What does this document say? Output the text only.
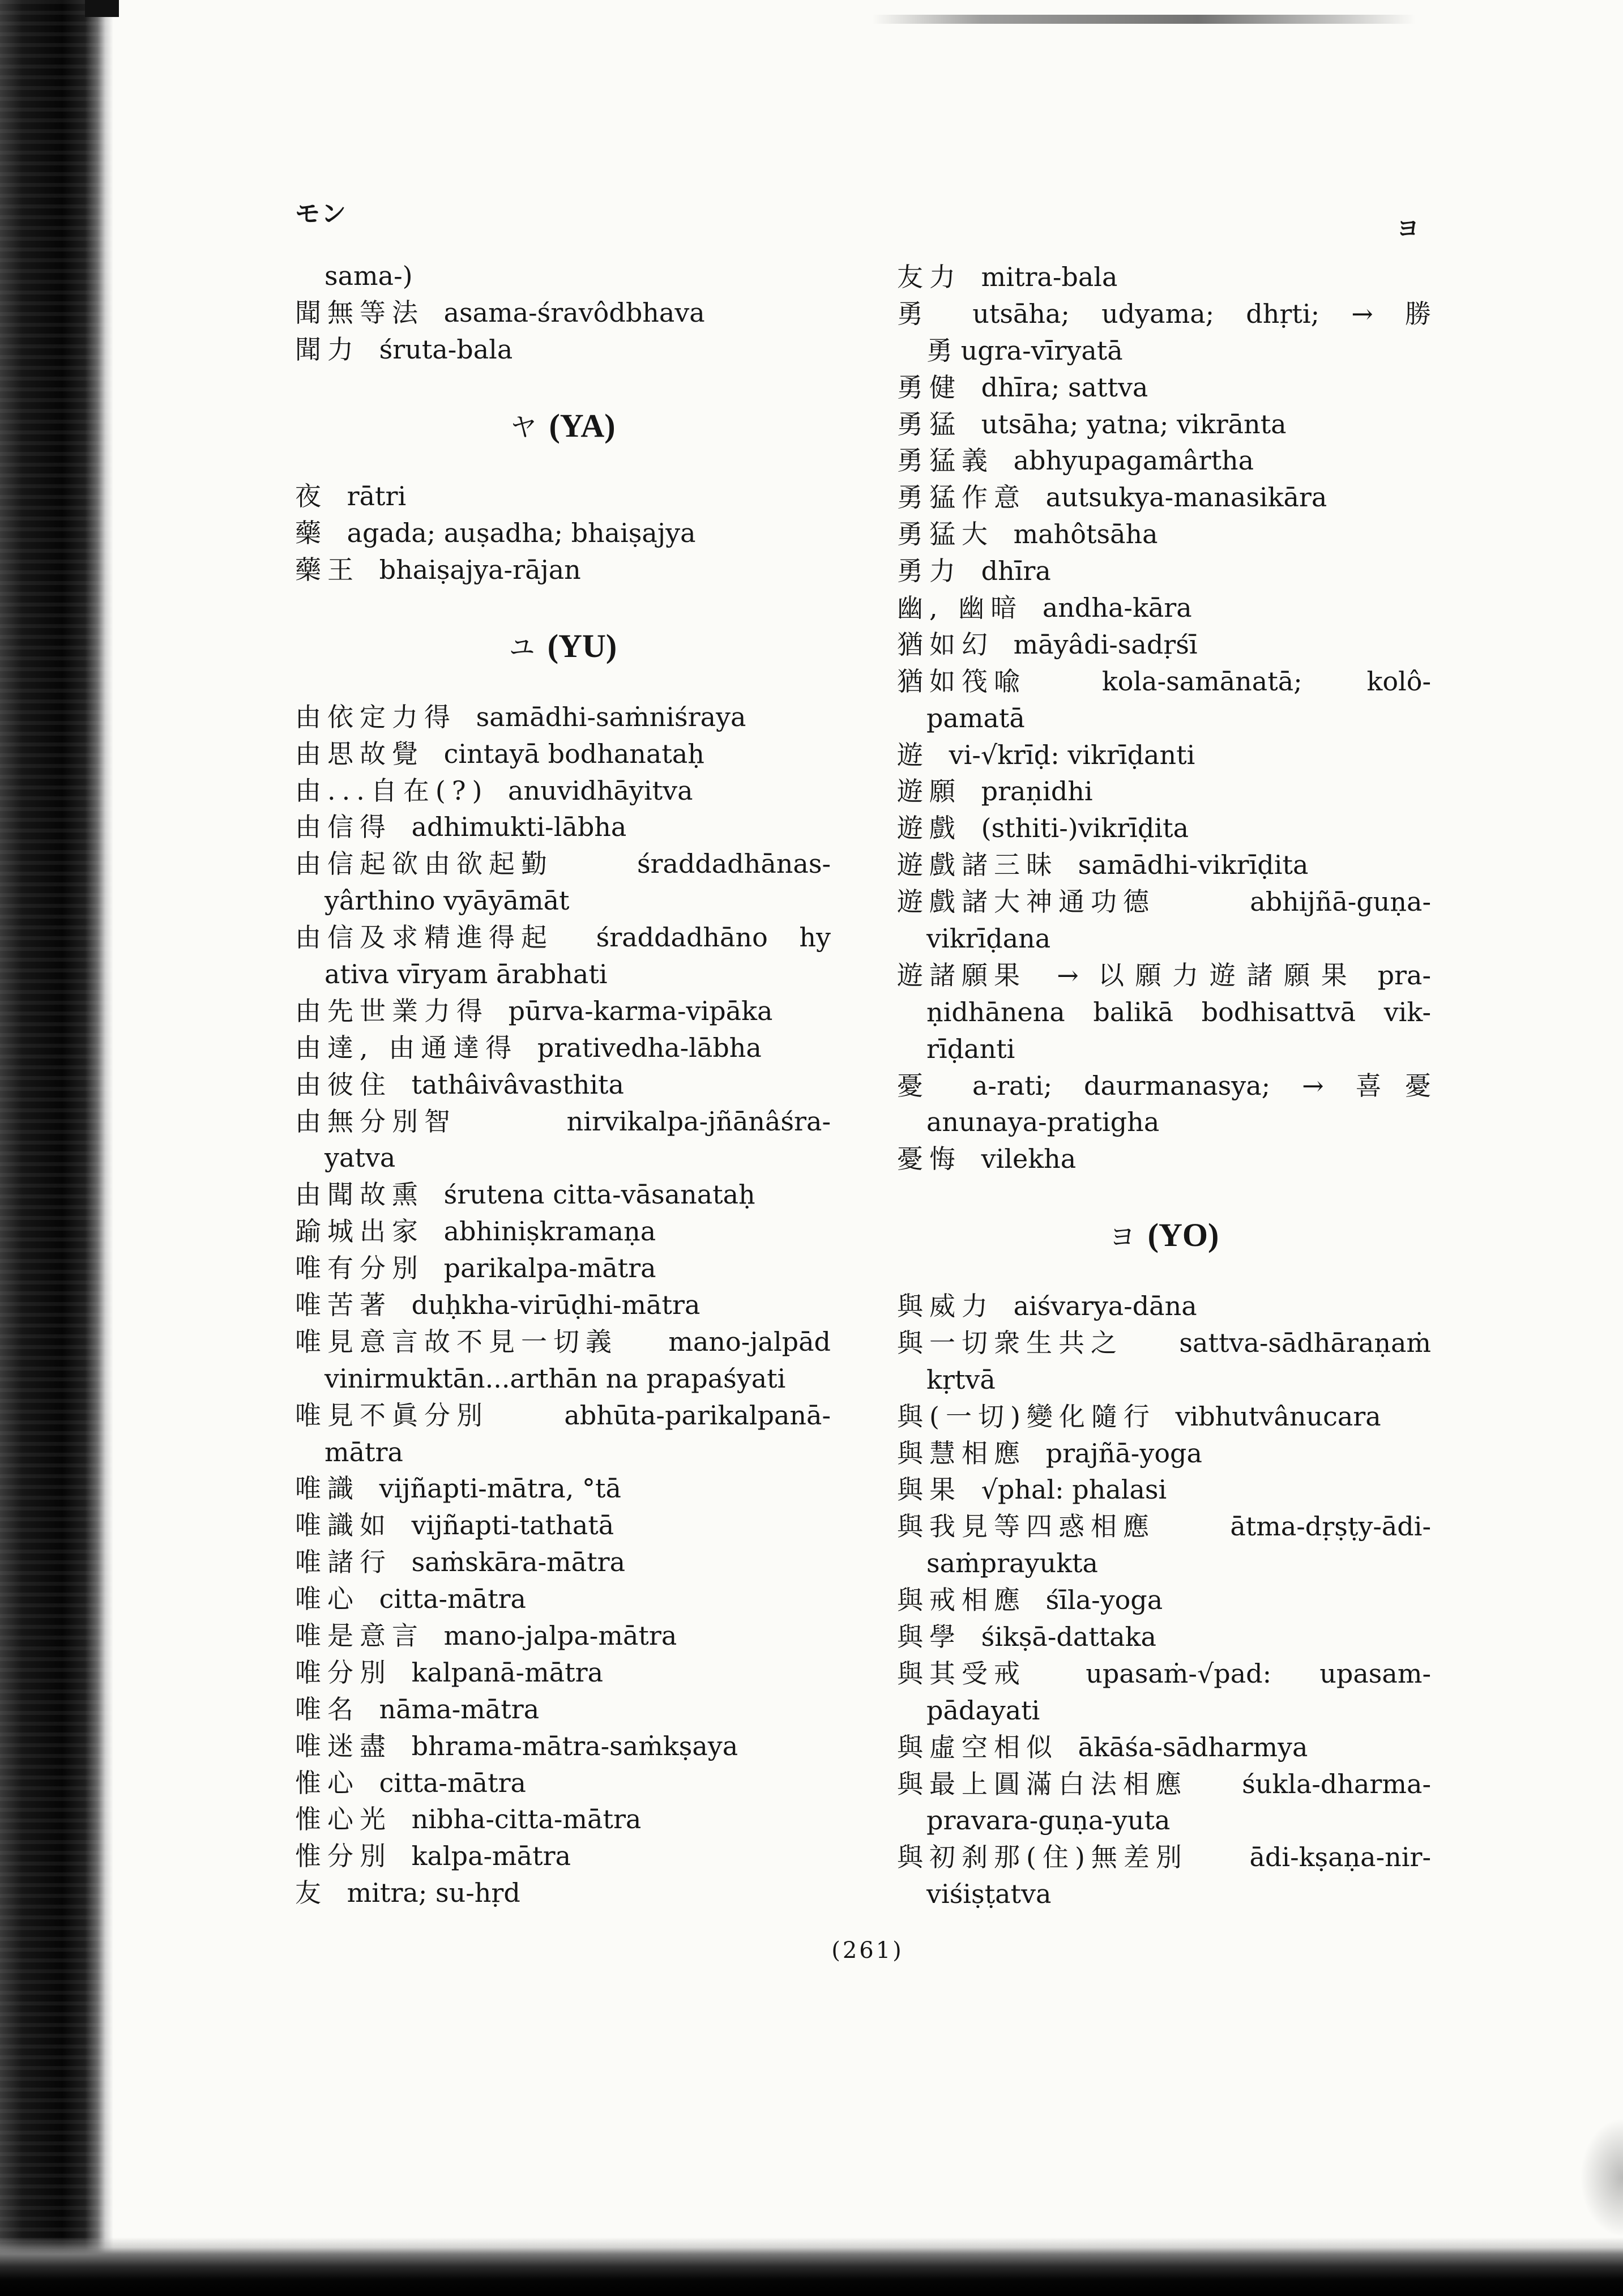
モン
ヨ
sama-)
聞無等法 asama-śravôdbhava
聞力 śruta-bala
ヤ (YA)
夜 rātri
藥 agada; auṣadha; bhaiṣajya
藥王 bhaiṣajya-rājan
ユ (YU)
由依定力得 samādhi-saṁniśraya
由思故覺 cintayā bodhanataḥ
由...自在(?) anuvidhāyitva
由信得 adhimukti-lābha
由信起欲由欲起勤	śraddadhānas-
yârthino vyāyāmāt
由信及求精進得起 śraddadhāno hy
ativa vīryam ārabhati
由先世業力得 pūrva-karma-vipāka
由達, 由通達得 prativedha-lābha
由彼住 tathâivâvasthita
由無分別智	nirvikalpa-jñānâśra-
yatva
由聞故熏 śrutena citta-vāsanataḥ
踰城出家 abhiniṣkramaṇa
唯有分別 parikalpa-mātra
唯苦著 duḥkha-virūḍhi-mātra
唯見意言故不見一切義 mano-jalpād
vinirmuktān...arthān na prapaśyati
唯見不眞分別	abhūta-parikalpanā-
mātra
唯識 vijñapti-mātra, °tā
唯識如 vijñapti-tathatā
唯諸行 saṁskāra-mātra
唯心 citta-mātra
唯是意言 mano-jalpa-mātra
唯分別 kalpanā-mātra
唯名 nāma-mātra
唯迷盡 bhrama-mātra-saṁkṣaya
惟心 citta-mātra
惟心光 nibha-citta-mātra
惟分別 kalpa-mātra
友 mitra; su-hṛd
友力 mitra-bala
勇 utsāha; udyama; dhṛti; → 勝
勇 ugra-vīryatā
勇健 dhīra; sattva
勇猛 utsāha; yatna; vikrānta
勇猛義 abhyupagamârtha
勇猛作意 autsukya-manasikāra
勇猛大 mahôtsāha
勇力 dhīra
幽, 幽暗 andha-kāra
猶如幻 māyâdi-sadṛśī
猶如筏喩	kola-samānatā; kolô-
pamatā
遊 vi-√krīḍ: vikrīḍanti
遊願 praṇidhi
遊戲 (sthiti-)vikrīḍita
遊戲諸三昧 samādhi-vikrīḍita
遊戲諸大神通功德	abhijñā-guṇa-
vikrīḍana
遊諸願果 → 以願力遊諸願果 pra-
ṇidhānena balikā bodhisattvā vik-
rīḍanti
憂 a-rati; daurmanasya; → 喜憂
anunaya-pratigha
憂悔 vilekha
ヨ (YO)
與威力 aiśvarya-dāna
與一切衆生共之 sattva-sādhāraṇaṁ
kṛtvā
與(一切)變化隨行 vibhutvânucara
與慧相應 prajñā-yoga
與果 √phal: phalasi
與我見等四惑相應	ātma-dṛṣṭy-ādi-
saṁprayukta
與戒相應 śīla-yoga
與學 śikṣā-dattaka
與其受戒 upasaṁ-√pad: upasam-
pādayati
與虛空相似 ākāśa-sādharmya
與最上圓滿白法相應 śukla-dharma-
pravara-guṇa-yuta
與初刹那(住)無差別 ādi-kṣaṇa-nir-
viśiṣṭatva
(261)
